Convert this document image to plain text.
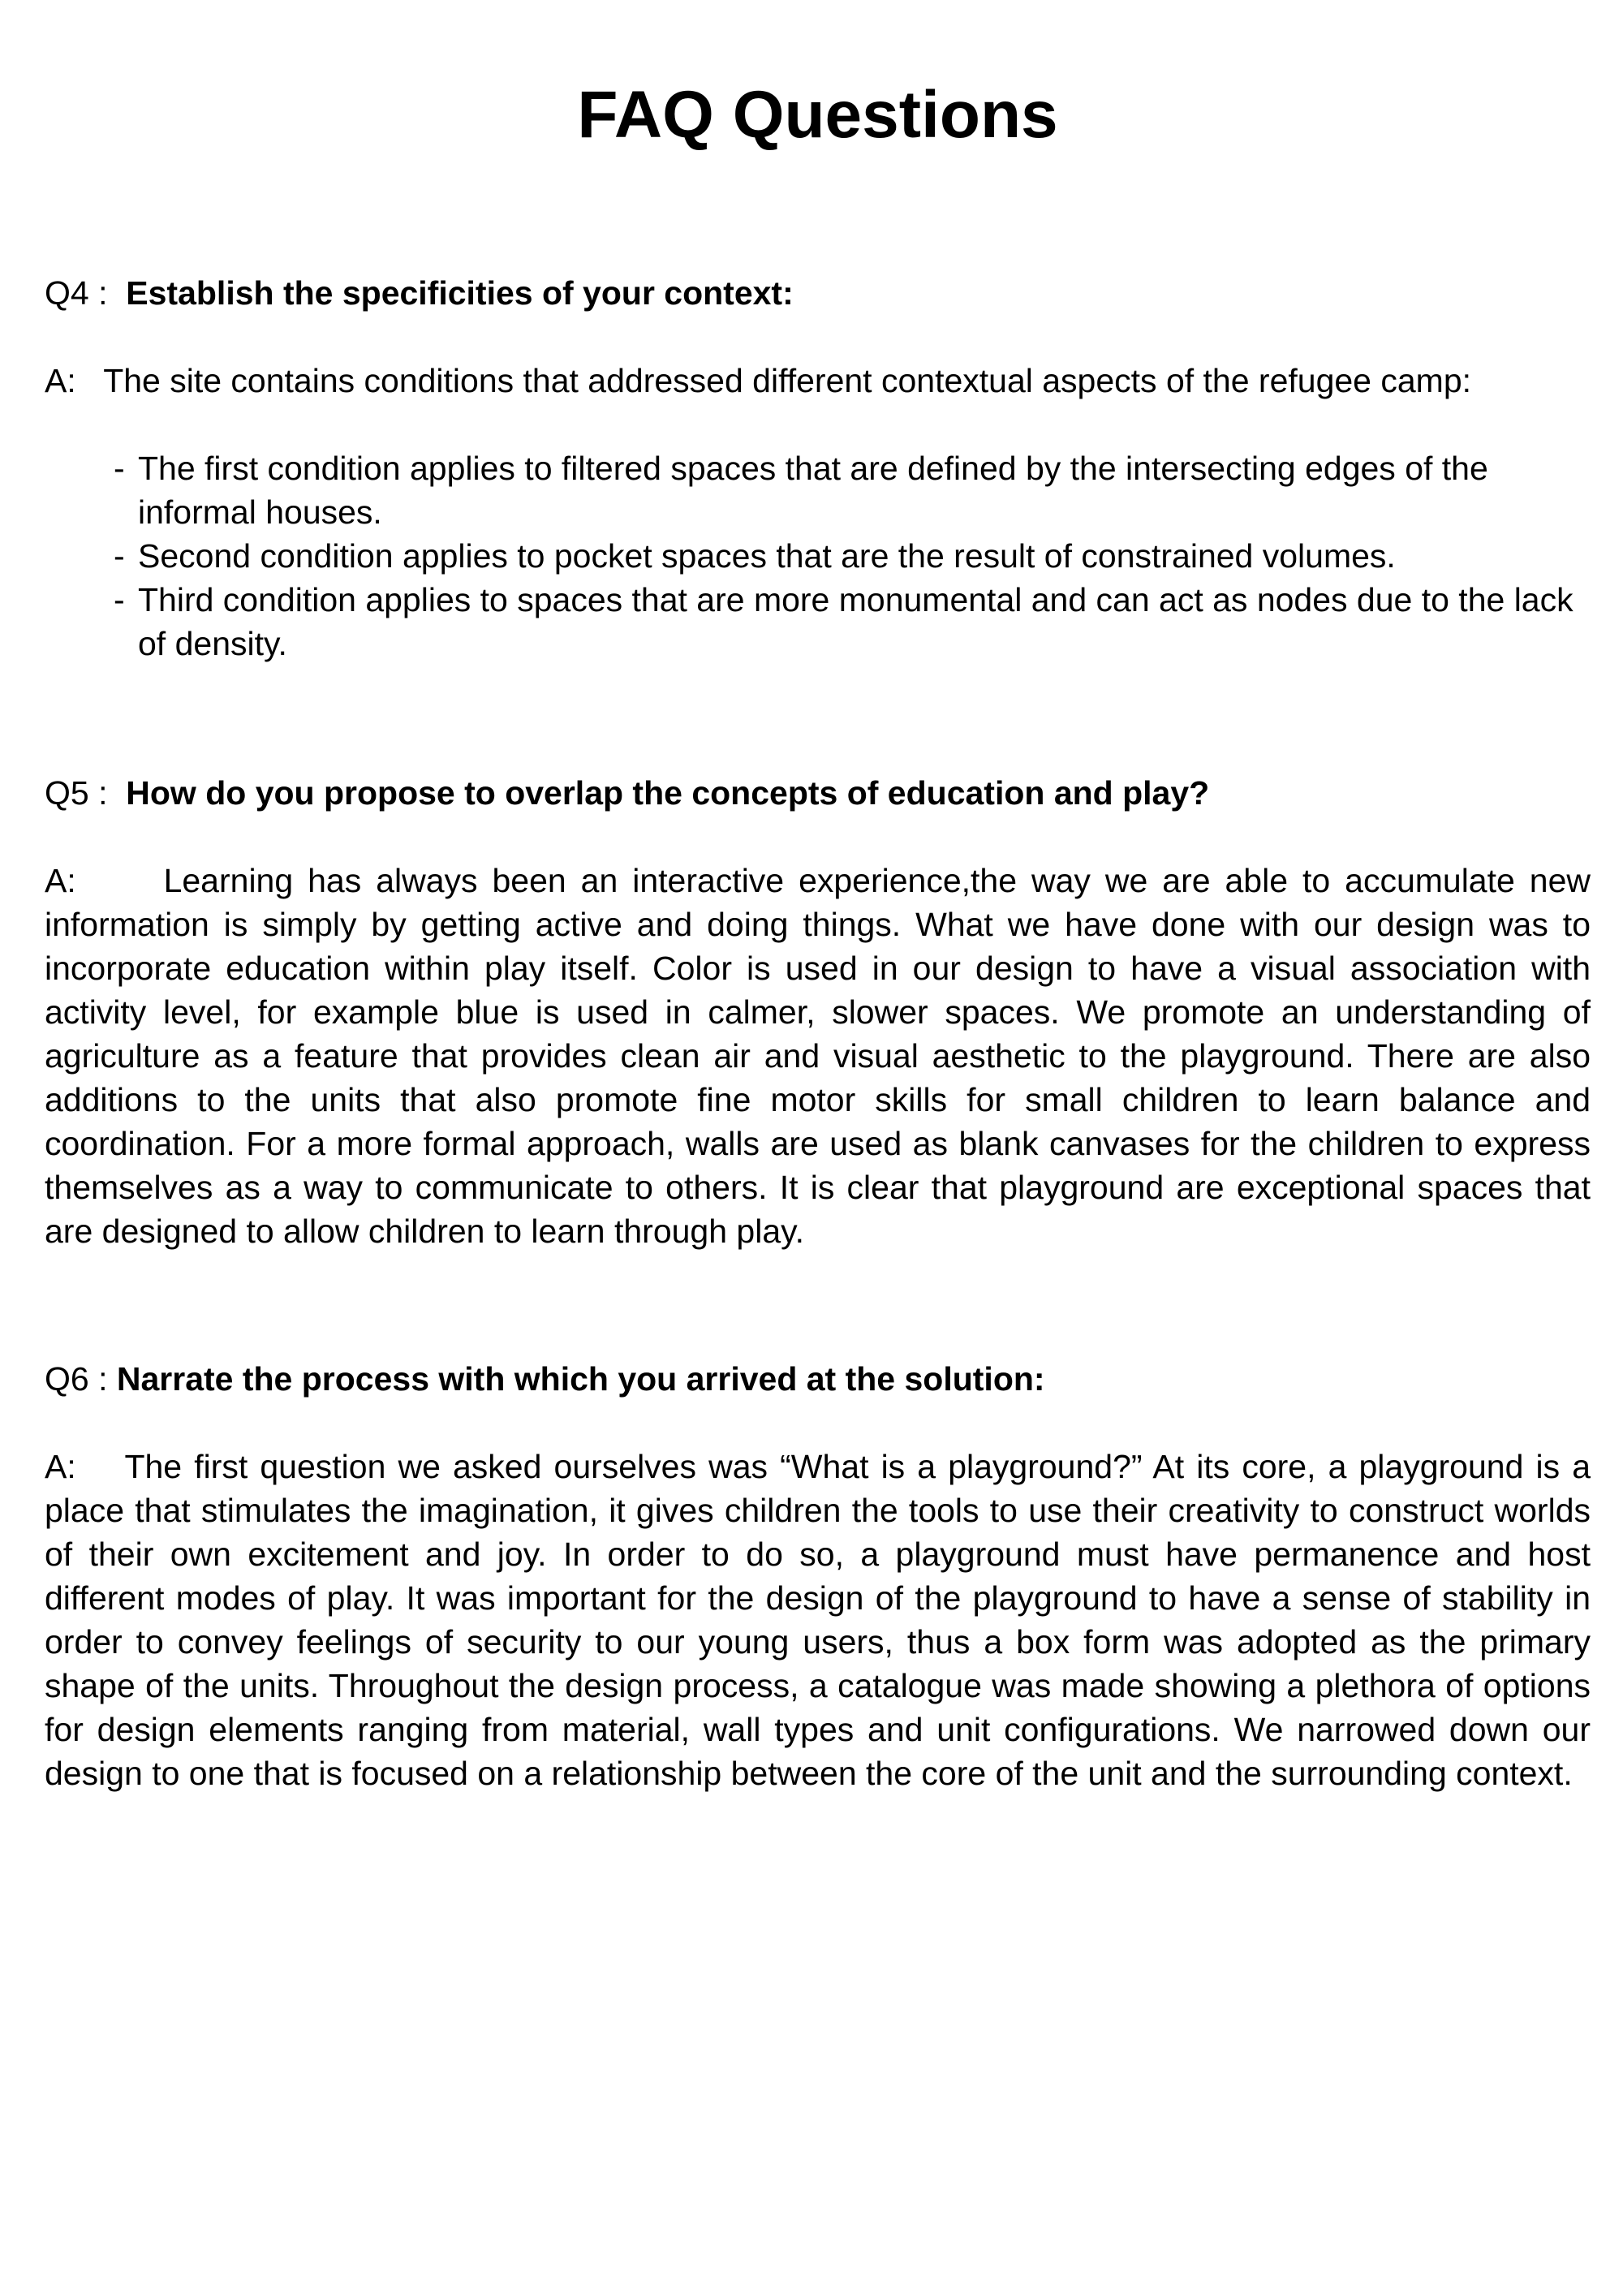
FAQ Questions

Q4 : Establish the specificities of your context:

A: The site contains conditions that addressed different contextual aspects of the refugee camp:

- The first condition applies to filtered spaces that are defined by the intersecting edges of the informal houses.
- Second condition applies to pocket spaces that are the result of constrained volumes.
- Third condition applies to spaces that are more monumental and can act as nodes due to the lack of density.

Q5 : How do you propose to overlap the concepts of education and play?

A:	Learning has always been an interactive experience,the way we are able to accumulate new information is simply by getting active and doing things. What we have done with our design was to incorporate education within play itself. Color is used in our design to have a visual association with activity level, for example blue is used in calmer, slower spaces. We promote an understanding of agriculture as a feature that provides clean air and visual aesthetic to the playground. There are also additions to the units that also promote fine motor skills for small children to learn balance and coordination. For a more formal approach, walls are used as blank canvases for the children to express themselves as a way to communicate to others. It is clear that playground are exceptional spaces that are designed to allow children to learn through play.

Q6 : Narrate the process with which you arrived at the solution:

A: The first question we asked ourselves was “What is a playground?” At its core, a playground is a place that stimulates the imagination, it gives children the tools to use their creativity to construct worlds of their own excitement and joy. In order to do so, a playground must have permanence and host different modes of play. It was important for the design of the playground to have a sense of stability in order to convey feelings of security to our young users, thus a box form was adopted as the primary shape of the units. Throughout the design process, a catalogue was made showing a plethora of options for design elements ranging from material, wall types and unit configurations. We narrowed down our design to one that is focused on a relationship between the core of the unit and the surrounding context.
